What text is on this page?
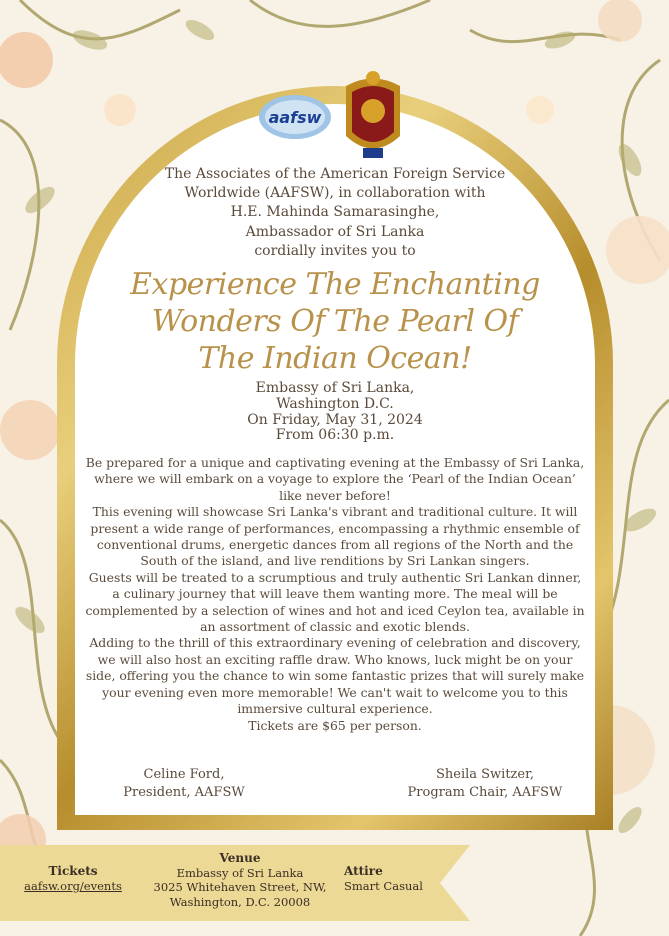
aafsw
The Associates of the American Foreign Service
Worldwide (AAFSW), in collaboration with
H.E. Mahinda Samarasinghe,
Ambassador of Sri Lanka
cordially invites you to
Experience The Enchanting
Wonders Of The Pearl Of
The Indian Ocean!
Embassy of Sri Lanka,
Washington D.C.
On Friday, May 31, 2024
From 06:30 p.m.

Be prepared for a unique and captivating evening at the Embassy of Sri Lanka, where we will embark on a voyage to explore the ‘Pearl of the Indian Ocean’ like never before!

This evening will showcase Sri Lanka's vibrant and traditional culture. It will present a wide range of performances, encompassing a rhythmic ensemble of conventional drums, energetic dances from all regions of the North and the South of the island, and live renditions by Sri Lankan singers.

Guests will be treated to a scrumptious and truly authentic Sri Lankan dinner, a culinary journey that will leave them wanting more. The meal will be complemented by a selection of wines and hot and iced Ceylon tea, available in an assortment of classic and exotic blends.

Adding to the thrill of this extraordinary evening of celebration and discovery, we will also host an exciting raffle draw. Who knows, luck might be on your side, offering you the chance to win some fantastic prizes that will surely make your evening even more memorable! We can't wait to welcome you to this immersive cultural experience.

Tickets are $65 per person.

Celine Ford,
President, AAFSW
Sheila Switzer,
Program Chair, AAFSW
Tickets
aafsw.org/events
Venue
Embassy of Sri Lanka
3025 Whitehaven Street, NW,
Washington, D.C. 20008
Attire
Smart Casual
